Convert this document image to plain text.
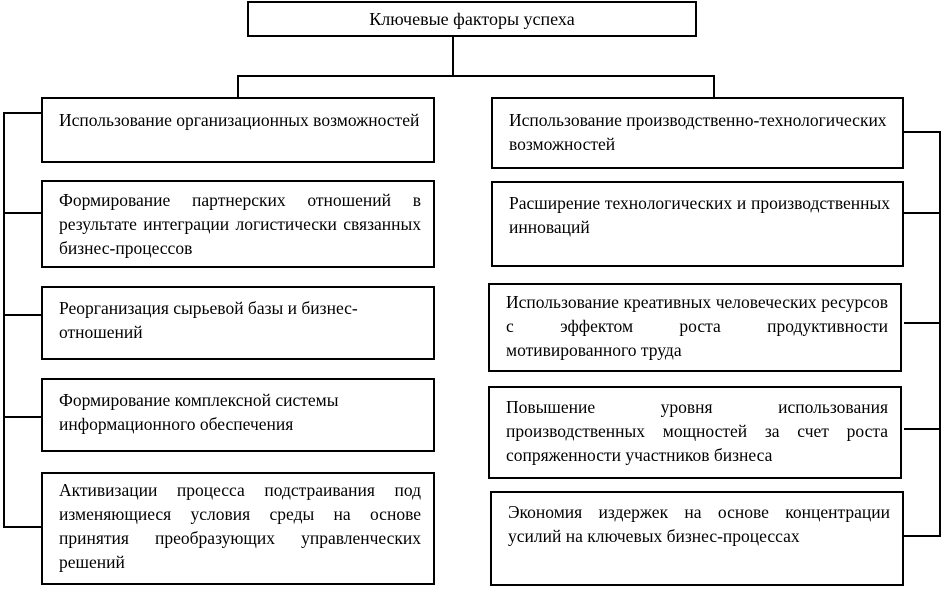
Ключевые факторы успеха
Использование организационных возможностей
Формирование партнерских отношений в результате интеграции логистически связанных бизнес-процессов
Реорганизация сырьевой базы и бизнес-отношений
Формирование комплексной системы информационного обеспечения
Активизации процесса подстраивания под изменяющиеся условия среды на основе принятия преобразующих управленческих решений
Использование производственно-технологических возможностей
Расширение технологических и производственных инноваций
Использование креативных человеческих ресурсов с эффектом роста продуктивности мотивированного труда
Повышение уровня использования производственных мощностей за счет роста сопряженности участников бизнеса
Экономия издержек на основе концентрации усилий на ключевых бизнес-процессах
